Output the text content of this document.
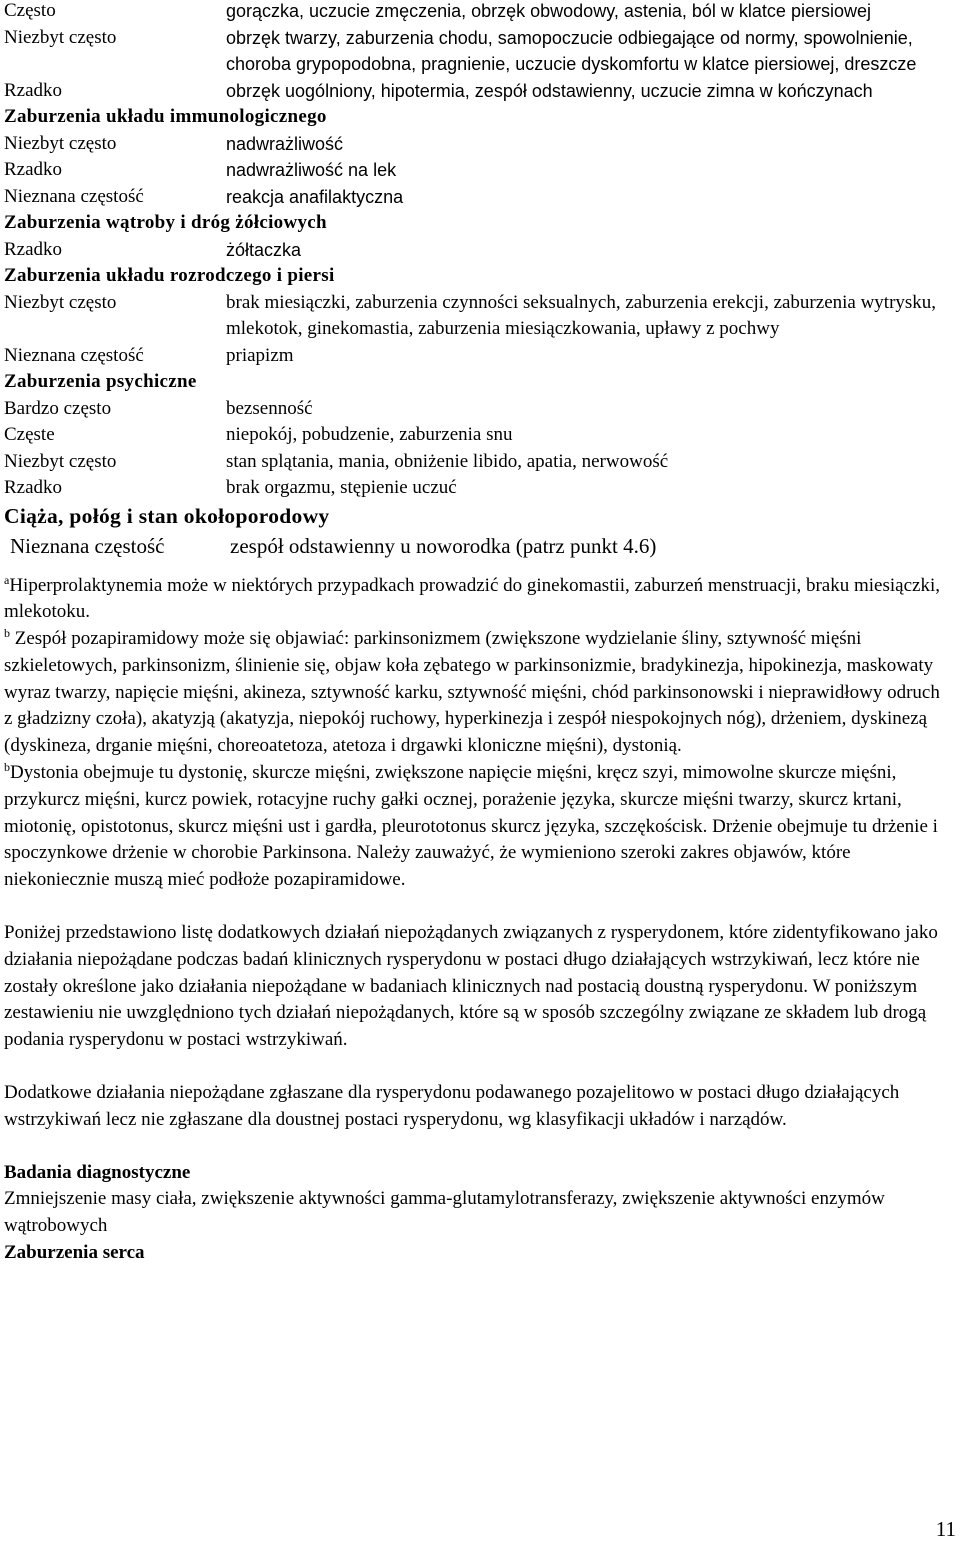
Często	gorączka, uczucie zmęczenia, obrzęk obwodowy, astenia, ból w klatce piersiowej
Niezbyt często	obrzęk twarzy, zaburzenia chodu, samopoczucie odbiegające od normy, spowolnienie, choroba grypopodobna, pragnienie, uczucie dyskomfortu w klatce piersiowej, dreszcze
Rzadko	obrzęk uogólniony, hipotermia, zespół odstawienny, uczucie zimna w kończynach
Zaburzenia układu immunologicznego
Niezbyt często	nadwrażliwość
Rzadko	nadwrażliwość na lek
Nieznana częstość	reakcja anafilaktyczna
Zaburzenia wątroby i dróg żółciowych
Rzadko	żółtaczka
Zaburzenia układu rozrodczego i piersi
Niezbyt często	brak miesiączki, zaburzenia czynności seksualnych, zaburzenia erekcji, zaburzenia wytrysku, mlekotok, ginekomastia, zaburzenia miesiączkowania, upławy z pochwy
Nieznana częstość	priapizm
Zaburzenia psychiczne
Bardzo często	bezsenność
Częste	niepokój, pobudzenie, zaburzenia snu
Niezbyt często	stan splątania, mania, obniżenie libido, apatia, nerwowość
Rzadko	brak orgazmu, stępienie uczuć
Ciąża, połóg i stan okołoporodowy
Nieznana częstość	zespół odstawienny u noworodka (patrz punkt 4.6)
$^a$Hiperprolaktynemia może w niektórych przypadkach prowadzić do ginekomastii, zaburzeń menstruacji, braku miesiączki, mlekotoku.
$^b$ Zespół pozapiramidowy może się objawiać: parkinsonizmem (zwiększone wydzielanie śliny, sztywność mięśni szkieletowych, parkinsonizm, ślinienie się, objaw koła zębatego w parkinsonizmie, bradykinezja, hipokinezja, maskowaty wyraz twarzy, napięcie mięśni, akineza, sztywność karku, sztywność mięśni, chód parkinsonowski i nieprawidłowy odruch z gładzizny czoła), akatyzją (akatyzja, niepokój ruchowy, hyperkinezja i zespół niespokojnych nóg), drżeniem, dyskinezą (dyskineza, drganie mięśni, choreoatetoza, atetoza i drgawki kloniczne mięśni), dystonią.
$^b$Dystonia obejmuje tu dystonię, skurcze mięśni, zwiększone napięcie mięśni, kręcz szyi, mimowolne skurcze mięśni, przykurcz mięśni, kurcz powiek, rotacyjne ruchy gałki ocznej, porażenie języka, skurcze mięśni twarzy, skurcz krtani, miotonię, opistotonus, skurcz mięśni ust i gardła, pleurototonus skurcz języka, szczękościsk. Drżenie obejmuje tu drżenie i spoczynkowe drżenie w chorobie Parkinsona. Należy zauważyć, że wymieniono szeroki zakres objawów, które niekoniecznie muszą mieć podłoże pozapiramidowe.
Poniżej przedstawiono listę dodatkowych działań niepożądanych związanych z rysperydonem, które zidentyfikowano jako działania niepożądane podczas badań klinicznych rysperydonu w postaci długo działających wstrzykiwań, lecz które nie zostały określone jako działania niepożądane w badaniach klinicznych nad postacią doustną rysperydonu. W poniższym zestawieniu nie uwzględniono tych działań niepożądanych, które są w sposób szczególny związane ze składem lub drogą podania rysperydonu w postaci wstrzykiwań.
Dodatkowe działania niepożądane zgłaszane dla rysperydonu podawanego pozajelitowo w postaci długo działających wstrzykiwań lecz nie zgłaszane dla doustnej postaci rysperydonu, wg klasyfikacji układów i narządów.
Badania diagnostyczne
Zmniejszenie masy ciała, zwiększenie aktywności gamma-glutamylotransferazy, zwiększenie aktywności enzymów wątrobowych
Zaburzenia serca
11
